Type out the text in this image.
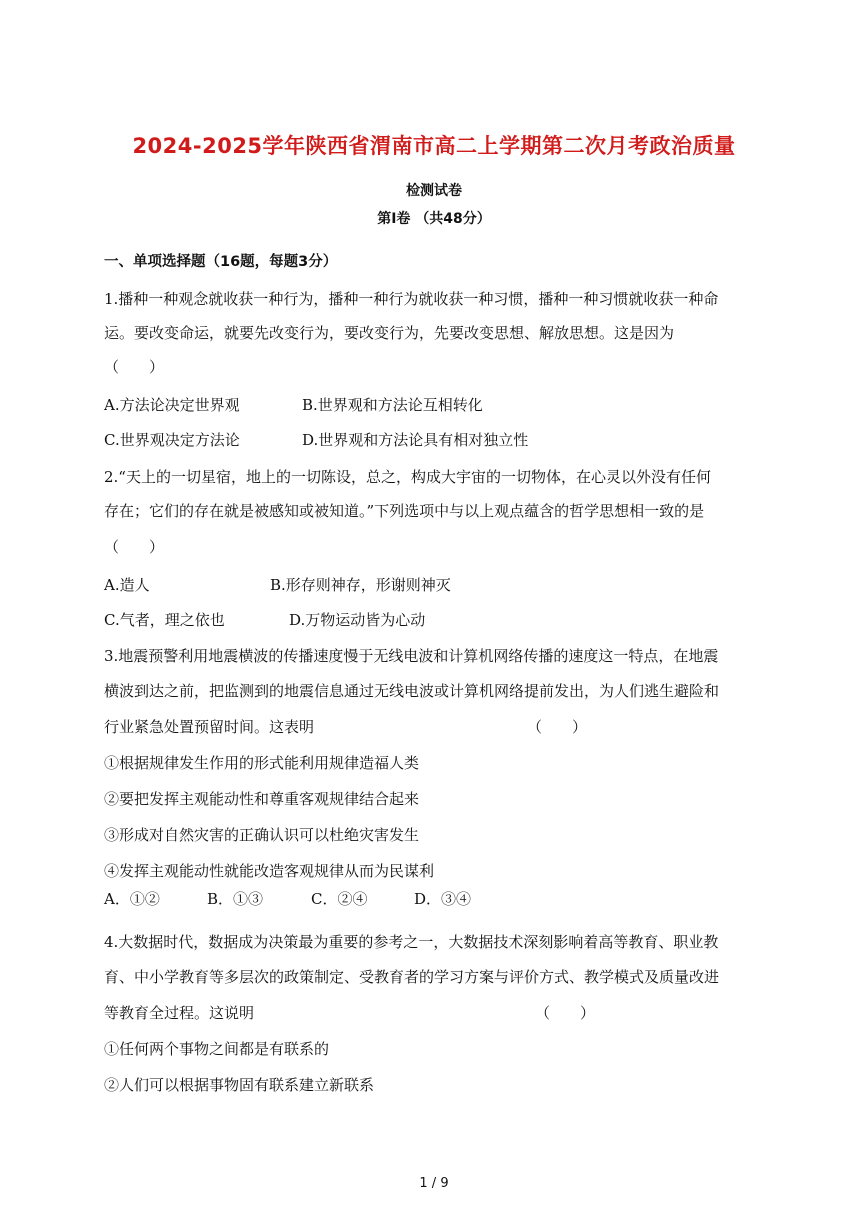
2024-2025学年陕西省渭南市高二上学期第二次月考政治质量
检测试卷
第Ⅰ卷 （共48分）
一、单项选择题（16题，每题3分）
1.播种一种观念就收获一种行为，播种一种行为就收获一种习惯，播种一种习惯就收获一种命
运。要改变命运，就要先改变行为，要改变行为，先要改变思想、解放思想。这是因为
（　　）
A.方法论决定世界观	B.世界观和方法论互相转化
C.世界观决定方法论	D.世界观和方法论具有相对独立性
2.“天上的一切星宿，地上的一切陈设，总之，构成大宇宙的一切物体，在心灵以外没有任何
存在；它们的存在就是被感知或被知道。”下列选项中与以上观点蕴含的哲学思想相一致的是
（　　）
A.造人	B.形存则神存，形谢则神灭
C.气者，理之依也	D.万物运动皆为心动
3.地震预警利用地震横波的传播速度慢于无线电波和计算机网络传播的速度这一特点，在地震
横波到达之前，把监测到的地震信息通过无线电波或计算机网络提前发出，为人们逃生避险和
行业紧急处置预留时间。这表明	（　　）
①根据规律发生作用的形式能利用规律造福人类
②要把发挥主观能动性和尊重客观规律结合起来
③形成对自然灾害的正确认识可以杜绝灾害发生
④发挥主观能动性就能改造客观规律从而为民谋利
A．①②	B．①③	C．②④	D．③④
4.大数据时代，数据成为决策最为重要的参考之一，大数据技术深刻影响着高等教育、职业教
育、中小学教育等多层次的政策制定、受教育者的学习方案与评价方式、教学模式及质量改进
等教育全过程。这说明	（　　）
①任何两个事物之间都是有联系的
②人们可以根据事物固有联系建立新联系
1 / 9
